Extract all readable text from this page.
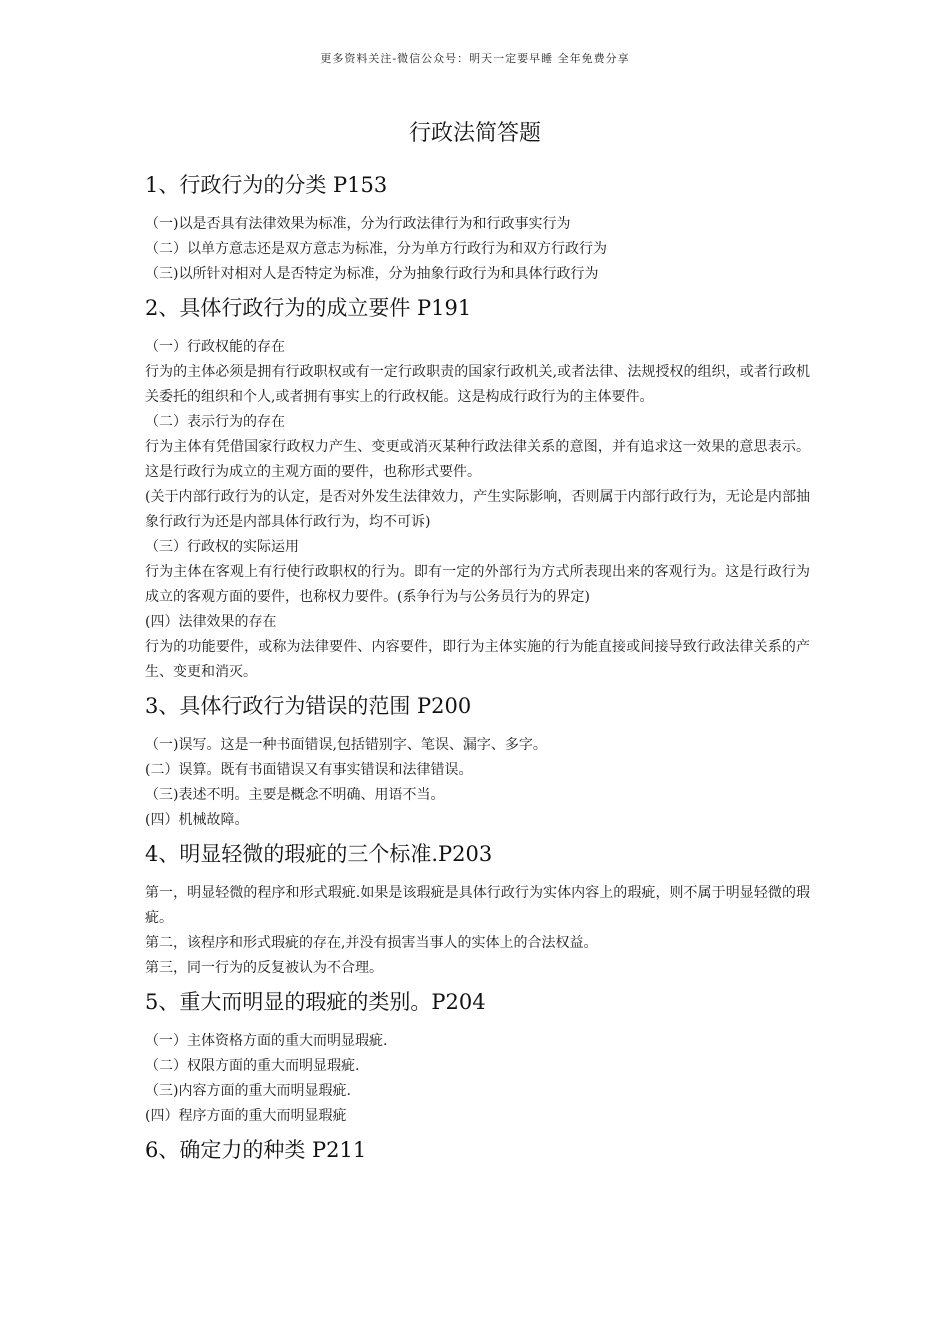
更多资料关注-微信公众号：明天一定要早睡 全年免费分享
行政法简答题
1、行政行为的分类 P153

（一)以是否具有法律效果为标准，分为行政法律行为和行政事实行为

（二）以单方意志还是双方意志为标准，分为单方行政行为和双方行政行为

（三)以所针对相对人是否特定为标准，分为抽象行政行为和具体行政行为

2、具体行政行为的成立要件 P191

（一）行政权能的存在

行为的主体必须是拥有行政职权或有一定行政职责的国家行政机关,或者法律、法规授权的组织，或者行政机关委托的组织和个人,或者拥有事实上的行政权能。这是构成行政行为的主体要件。

（二）表示行为的存在

行为主体有凭借国家行政权力产生、变更或消灭某种行政法律关系的意图，并有追求这一效果的意思表示。这是行政行为成立的主观方面的要件，也称形式要件。

(关于内部行政行为的认定，是否对外发生法律效力，产生实际影响，否则属于内部行政行为，无论是内部抽象行政行为还是内部具体行政行为，均不可诉)

（三）行政权的实际运用

行为主体在客观上有行使行政职权的行为。即有一定的外部行为方式所表现出来的客观行为。这是行政行为成立的客观方面的要件，也称权力要件。(系争行为与公务员行为的界定)

(四）法律效果的存在

行为的功能要件，或称为法律要件、内容要件，即行为主体实施的行为能直接或间接导致行政法律关系的产生、变更和消灭。

3、具体行政行为错误的范围 P200

（一)误写。这是一种书面错误,包括错别字、笔误、漏字、多字。

(二）误算。既有书面错误又有事实错误和法律错误。

（三)表述不明。主要是概念不明确、用语不当。

(四）机械故障。

4、明显轻微的瑕疵的三个标准.P203

第一，明显轻微的程序和形式瑕疵.如果是该瑕疵是具体行政行为实体内容上的瑕疵，则不属于明显轻微的瑕疵。

第二，该程序和形式瑕疵的存在,并没有损害当事人的实体上的合法权益。

第三，同一行为的反复被认为不合理。

5、重大而明显的瑕疵的类别。P204

（一）主体资格方面的重大而明显瑕疵.

（二）权限方面的重大而明显瑕疵.

（三)内容方面的重大而明显瑕疵.

(四）程序方面的重大而明显瑕疵

6、确定力的种类 P211
